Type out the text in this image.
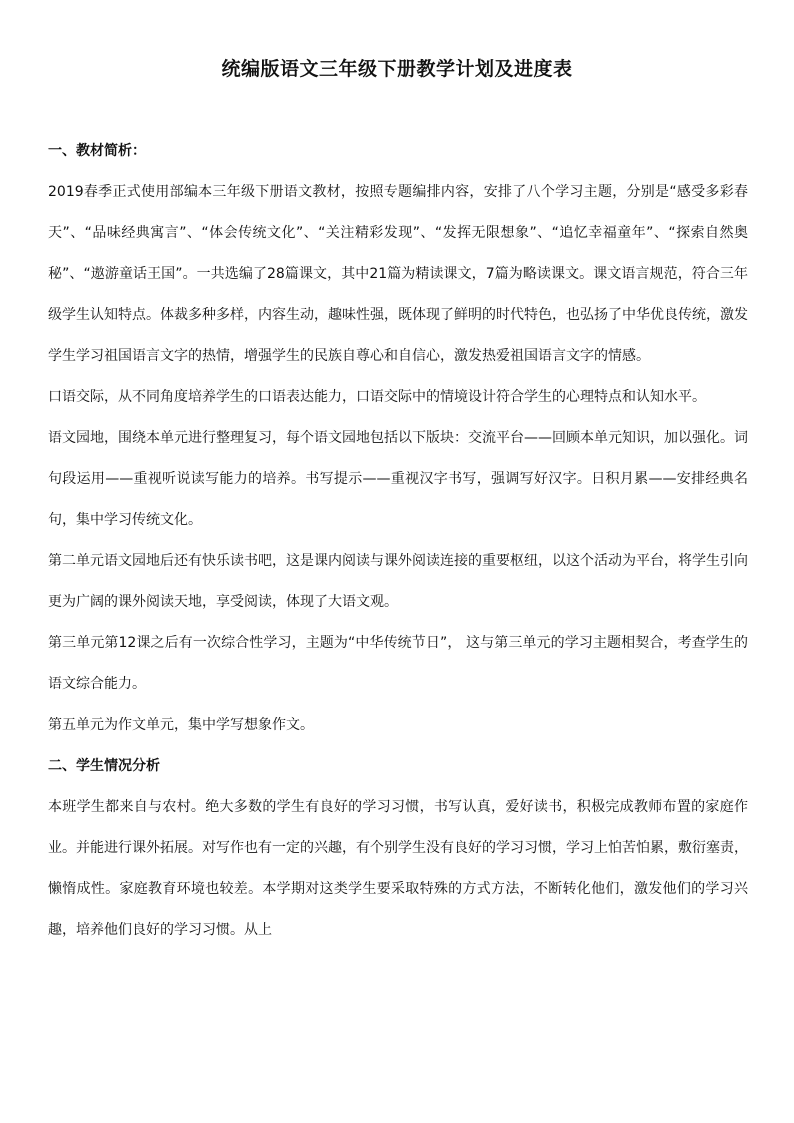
统编版语文三年级下册教学计划及进度表
一、教材简析：
2019春季正式使用部编本三年级下册语文教材，按照专题编排内容，安排了八个学习主题，分别是“感受多彩春天”、“品味经典寓言”、“体会传统文化”、“关注精彩发现”、“发挥无限想象”、“追忆幸福童年”、“探索自然奥秘”、“遨游童话王国”。一共选编了28篇课文，其中21篇为精读课文，7篇为略读课文。课文语言规范，符合三年级学生认知特点。体裁多种多样，内容生动，趣味性强，既体现了鲜明的时代特色，也弘扬了中华优良传统，激发学生学习祖国语言文字的热情，增强学生的民族自尊心和自信心，激发热爱祖国语言文字的情感。
口语交际，从不同角度培养学生的口语表达能力，口语交际中的情境设计符合学生的心理特点和认知水平。
语文园地，围绕本单元进行整理复习，每个语文园地包括以下版块：交流平台——回顾本单元知识，加以强化。词句段运用——重视听说读写能力的培养。书写提示——重视汉字书写，强调写好汉字。日积月累——安排经典名句，集中学习传统文化。
第二单元语文园地后还有快乐读书吧，这是课内阅读与课外阅读连接的重要枢纽，以这个活动为平台，将学生引向更为广阔的课外阅读天地，享受阅读，体现了大语文观。
第三单元第12课之后有一次综合性学习，主题为“中华传统节日”， 这与第三单元的学习主题相契合，考查学生的语文综合能力。
第五单元为作文单元，集中学写想象作文。
二、学生情况分析
本班学生都来自与农村。绝大多数的学生有良好的学习习惯，书写认真，爱好读书，积极完成教师布置的家庭作业。并能进行课外拓展。对写作也有一定的兴趣，有个别学生没有良好的学习习惯，学习上怕苦怕累，敷衍塞责，懒惰成性。家庭教育环境也较差。本学期对这类学生要采取特殊的方式方法，不断转化他们，激发他们的学习兴趣，培养他们良好的学习习惯。从上
